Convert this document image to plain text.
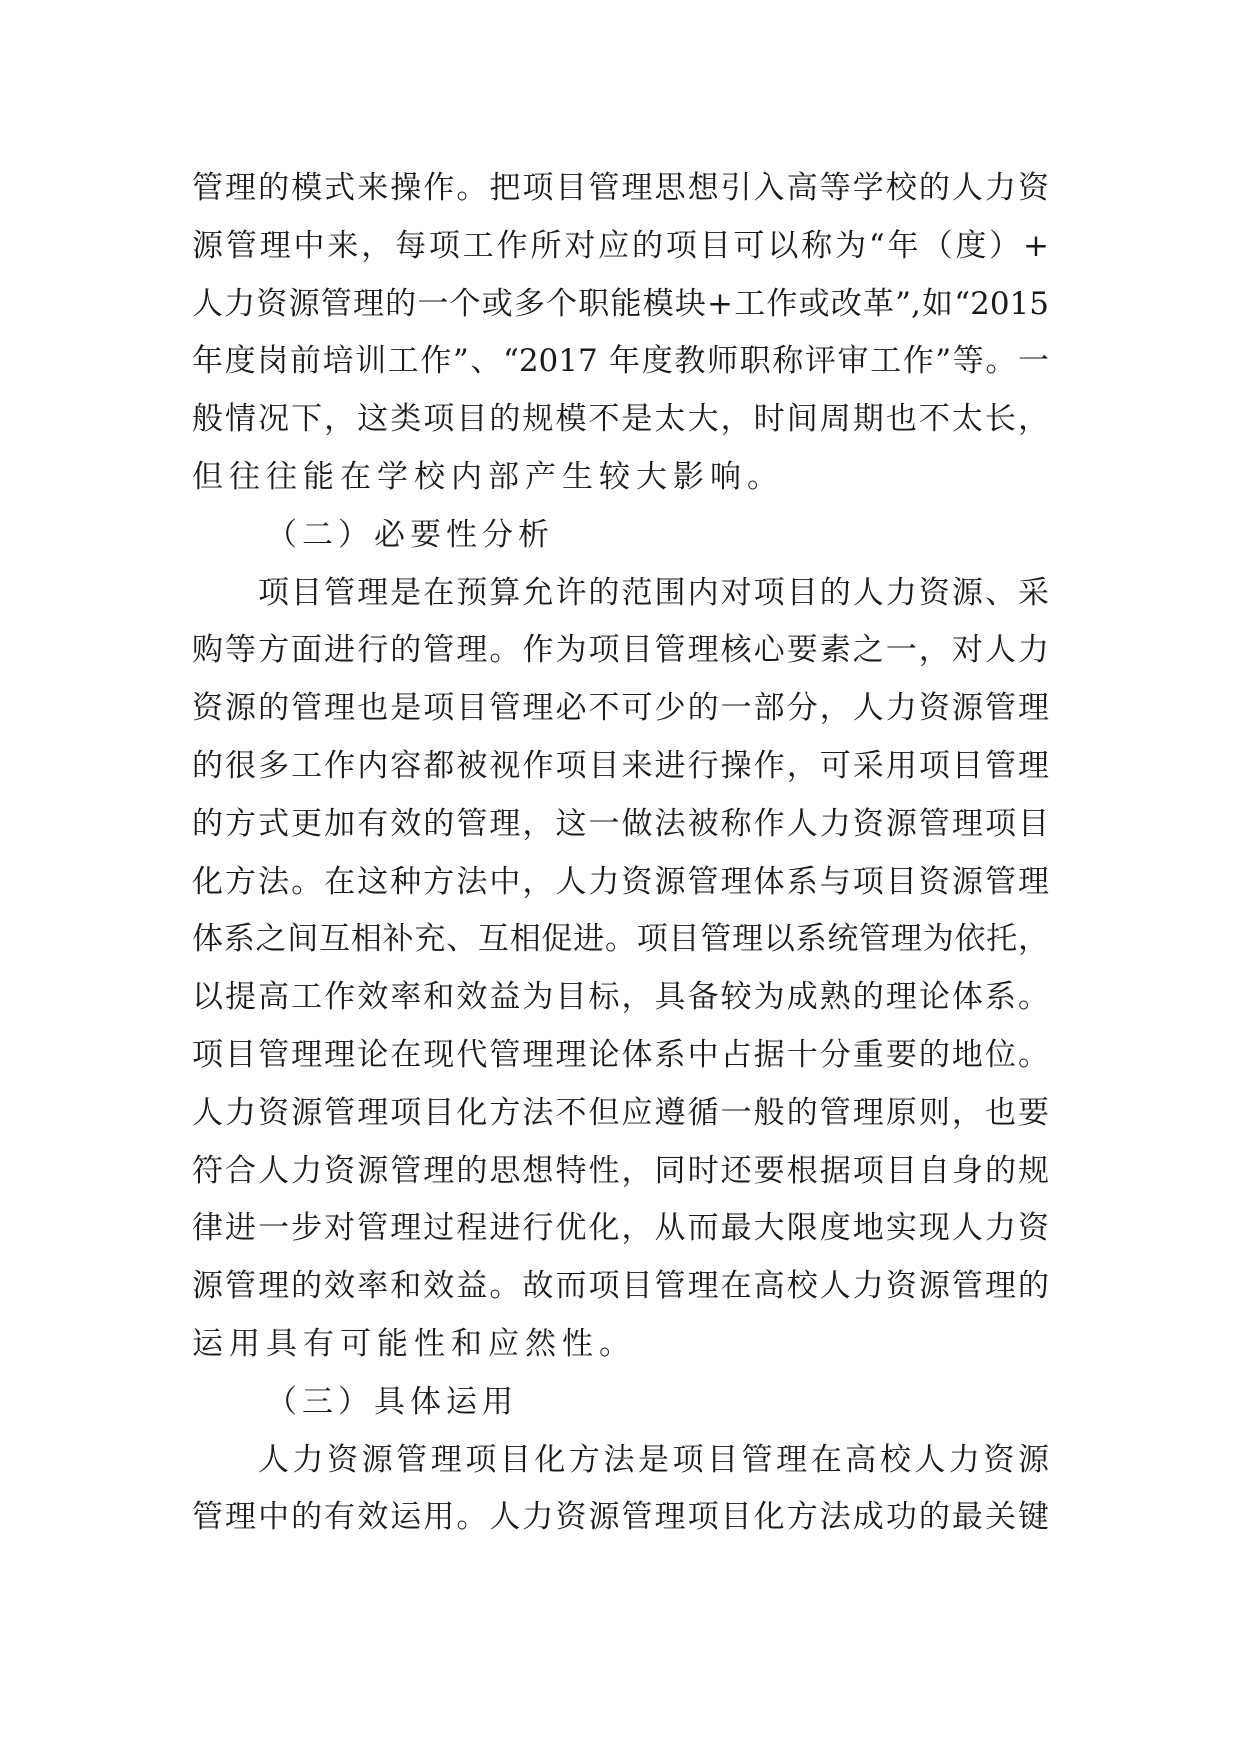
管理的模式来操作。把项目管理思想引入高等学校的人力资
源管理中来，每项工作所对应的项目可以称为“年（度）+
人力资源管理的一个或多个职能模块+工作或改革”,如“2015
年度岗前培训工作”、“2017 年度教师职称评审工作”等。一
般情况下，这类项目的规模不是太大，时间周期也不太长，
但往往能在学校内部产生较大影响。
（二）必要性分析
项目管理是在预算允许的范围内对项目的人力资源、采
购等方面进行的管理。作为项目管理核心要素之一，对人力
资源的管理也是项目管理必不可少的一部分，人力资源管理
的很多工作内容都被视作项目来进行操作，可采用项目管理
的方式更加有效的管理，这一做法被称作人力资源管理项目
化方法。在这种方法中，人力资源管理体系与项目资源管理
体系之间互相补充、互相促进。项目管理以系统管理为依托，
以提高工作效率和效益为目标，具备较为成熟的理论体系。
项目管理理论在现代管理理论体系中占据十分重要的地位。
人力资源管理项目化方法不但应遵循一般的管理原则，也要
符合人力资源管理的思想特性，同时还要根据项目自身的规
律进一步对管理过程进行优化，从而最大限度地实现人力资
源管理的效率和效益。故而项目管理在高校人力资源管理的
运用具有可能性和应然性。
（三）具体运用
人力资源管理项目化方法是项目管理在高校人力资源
管理中的有效运用。人力资源管理项目化方法成功的最关键
